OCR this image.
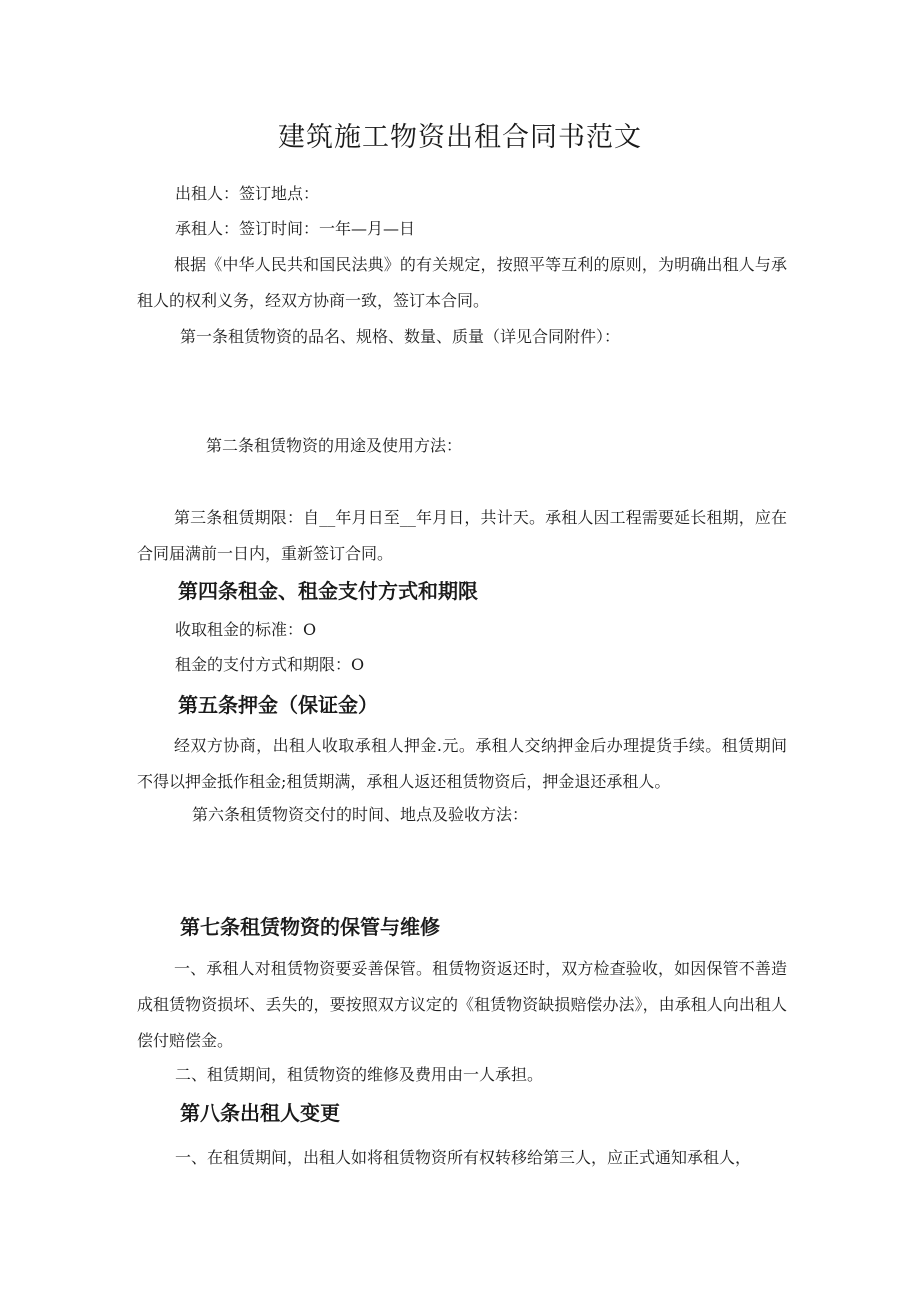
建筑施工物资出租合同书范文

出租人：签订地点：

承租人：签订时间：一年—月—日

根据《中华人民共和国民法典》的有关规定，按照平等互利的原则，为明确出租人与承租人的权利义务，经双方协商一致，签订本合同。

第一条租赁物资的品名、规格、数量、质量（详见合同附件）：

第二条租赁物资的用途及使用方法：

第三条租赁期限：自__年月日至__年月日，共计天。承租人因工程需要延长租期，应在合同届满前一日内，重新签订合同。

第四条租金、租金支付方式和期限

收取租金的标准：O

租金的支付方式和期限：O

第五条押金（保证金）

经双方协商，出租人收取承租人押金.元。承租人交纳押金后办理提货手续。租赁期间不得以押金抵作租金;租赁期满，承租人返还租赁物资后，押金退还承租人。

第六条租赁物资交付的时间、地点及验收方法：

第七条租赁物资的保管与维修

一、承租人对租赁物资要妥善保管。租赁物资返还时，双方检查验收，如因保管不善造成租赁物资损坏、丢失的，要按照双方议定的《租赁物资缺损赔偿办法》，由承租人向出租人偿付赔偿金。

二、租赁期间，租赁物资的维修及费用由一人承担。

第八条出租人变更

一、在租赁期间，出租人如将租赁物资所有权转移给第三人，应正式通知承租人，
